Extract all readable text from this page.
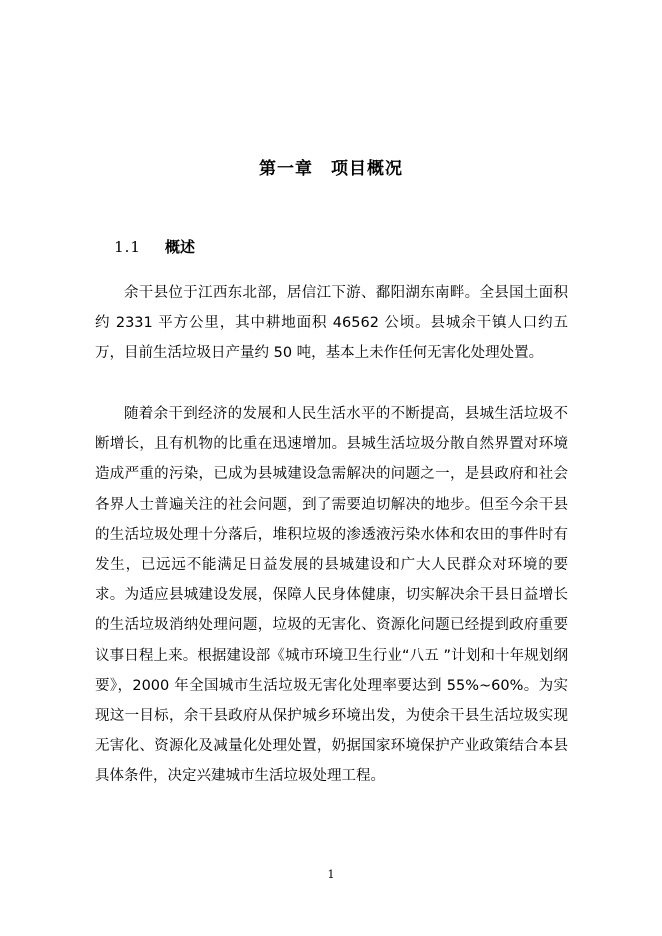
第一章　项目概况

1.1 概述

余干县位于江西东北部，居信江下游、鄱阳湖东南畔。全县国土面积约 2331 平方公里，其中耕地面积 46562 公顷。县城余干镇人口约五万，目前生活垃圾日产量约 50 吨，基本上未作任何无害化处理处置。

随着余干到经济的发展和人民生活水平的不断提高，县城生活垃圾不断增长，且有机物的比重在迅速增加。县城生活垃圾分散自然界置对环境造成严重的污染，已成为县城建设急需解决的问题之一，是县政府和社会各界人士普遍关注的社会问题，到了需要迫切解决的地步。但至今余干县的生活垃圾处理十分落后，堆积垃圾的渗透液污染水体和农田的事件时有发生，已远远不能满足日益发展的县城建设和广大人民群众对环境的要求。为适应县城建设发展，保障人民身体健康，切实解决余干县日益增长的生活垃圾消纳处理问题，垃圾的无害化、资源化问题已经提到政府重要议事日程上来。根据建设部《城市环境卫生行业“八五 ”计划和十年规划纲要》，2000 年全国城市生活垃圾无害化处理率要达到 55%~60%。为实现这一目标，余干县政府从保护城乡环境出发，为使余干县生活垃圾实现无害化、资源化及减量化处理处置，奶据国家环境保护产业政策结合本县具体条件，决定兴建城市生活垃圾处理工程。

1
